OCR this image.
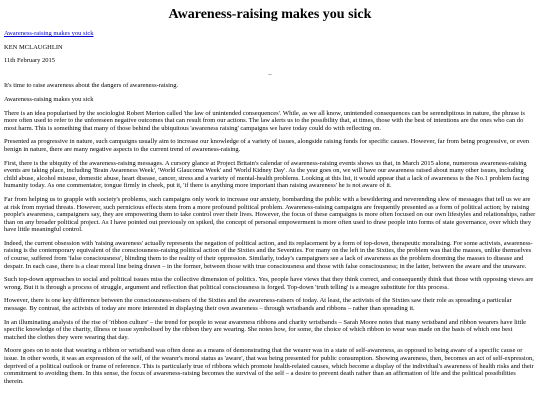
Awareness-raising makes you sick
Awareness-raising makes you sick
KEN MCLAUGHLIN
11th February 2015
–

It's time to raise awareness about the dangers of awareness-raising.

Awareness-raising makes you sick

There is an idea popularised by the sociologist Robert Merton called 'the law of unintended consequences'. While, as we all know, unintended consequences can be serendipitous in nature, the phrase is more often used to refer to the unforeseen negative outcomes that can result from our actions. The law alerts us to the possibility that, at times, those with the best of intentions are the ones who can do most harm. This is something that many of those behind the ubiquitous 'awareness raising' campaigns we have today could do with reflecting on.

Presented as progressive in nature, such campaigns usually aim to increase our knowledge of a variety of issues, alongside raising funds for specific causes. However, far from being progressive, or even benign in nature, there are many negative aspects to the current trend of awareness-raising.

First, there is the ubiquity of the awareness-raising messages. A cursory glance at Project Britain's calendar of awareness-raising events shows us that, in March 2015 alone, numerous awareness-raising events are taking place, including 'Brain Awareness Week', 'World Glaucoma Week' and 'World Kidney Day'. As the year goes on, we will have our awareness raised about many other issues, including child abuse, alcohol misuse, domestic abuse, heart disease, cancer, stress and a variety of mental-health problems. Looking at this list, it would appear that a lack of awareness is the No.1 problem facing humanity today. As one commentator, tongue firmly in cheek, put it, 'if there is anything more important than raising awareness' he is not aware of it.

Far from helping us to grapple with society's problems, such campaigns only work to increase our anxiety, bombarding the public with a bewildering and neverending slew of messages that tell us we are at risk from myriad threats. However, such pernicious effects stem from a more profound political problem. Awareness-raising campaigns are frequently presented as a form of political action; by raising people's awareness, campaigners say, they are empowering them to take control over their lives. However, the focus of these campaigns is more often focused on our own lifestyles and relationships, rather than on any broader political project. As I have pointed out previously on spiked, the concept of personal empowerment is more often used to draw people into forms of state governance, over which they have little meaningful control.

Indeed, the current obsession with 'raising awareness' actually represents the negation of political action, and its replacement by a form of top-down, therapeutic moralising. For some activists, awareness-raising is the contemporary equivalent of the consciousness-raising political action of the Sixties and the Seventies. For many on the left in the Sixties, the problem was that the masses, unlike themselves of course, suffered from 'false consciousness', blinding them to the reality of their oppression. Similarly, today's campaigners see a lack of awareness as the problem dooming the masses to disease and despair. In each case, there is a clear moral line being drawn – in the former, between those with true consciousness and those with false consciousness; in the latter, between the aware and the unaware.

Such top-down approaches to social and political issues miss the collective dimension of politics. Yes, people have views that they think correct, and consequently think that those with opposing views are wrong. But it is through a process of struggle, argument and reflection that political consciousness is forged. Top-down 'truth telling' is a meagre substitute for this process.

However, there is one key difference between the consciousness-raisers of the Sixties and the awareness-raisers of today. At least, the activists of the Sixties saw their role as spreading a particular message. By contrast, the activists of today are more interested in displaying their own awareness – through wristbands and ribbons – rather than spreading it.

In an illuminating analysis of the rise of 'ribbon culture' – the trend for people to wear awareness ribbons and charity wristbands – Sarah Moore notes that many wristband and ribbon wearers have little specific knowledge of the charity, illness or issue symbolised by the ribbon they are wearing. She notes how, for some, the choice of which ribbon to wear was made on the basis of which one best matched the clothes they were wearing that day.

Moore goes on to note that wearing a ribbon or wristband was often done as a means of demonstrating that the wearer was in a state of self-awareness, as opposed to being aware of a specific cause or issue. In other words, it was an expression of the self, of the wearer's moral status as 'aware', that was being presented for public consumption. Showing awareness, then, becomes an act of self-expression, deprived of a political outlook or frame of reference. This is particularly true of ribbons which promote health-related causes, which become a display of the individual's awareness of health risks and their commitment to avoiding them. In this sense, the focus of awareness-raising becomes the survival of the self – a desire to prevent death rather than an affirmation of life and the political possibilities therein.
